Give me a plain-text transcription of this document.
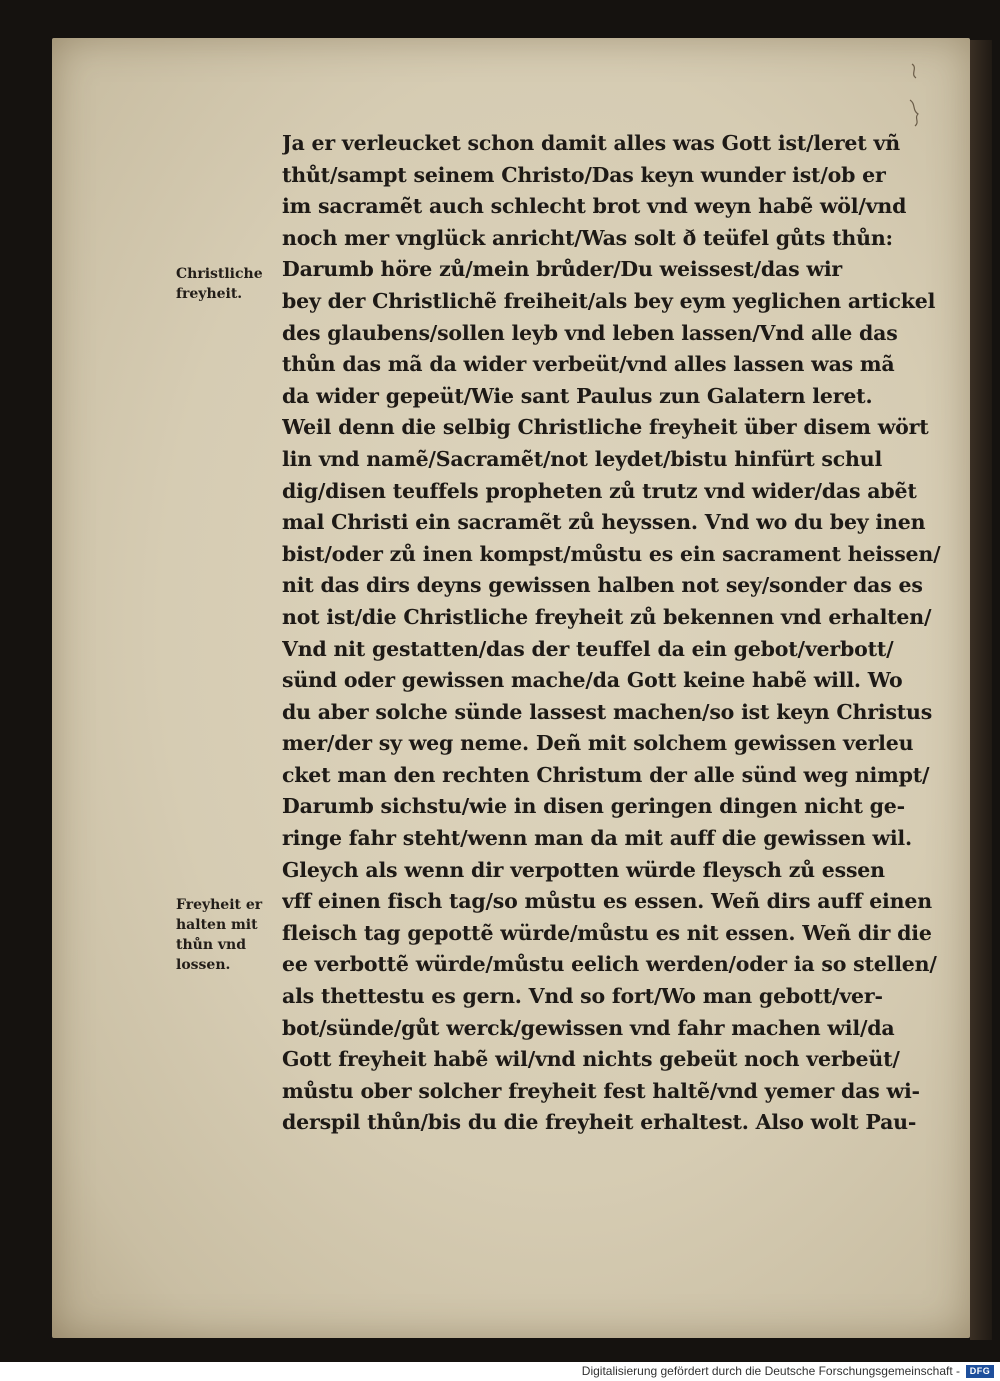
Christliche
freyheit.
Freyheit er
halten mit
thůn vnd
lossen.
Ja er verleucket schon damit alles was Gott ist/leret vñ
thůt/sampt seinem Christo/Das keyn wunder ist/ob er
im sacramẽt auch schlecht brot vnd weyn habẽ wöl/vnd
noch mer vnglück anricht/Was solt ð teüfel gůts thůn:
Darumb höre zů/mein brůder/Du weissest/das wir
bey der Christlichẽ freiheit/als bey eym yeglichen artickel
des glaubens/sollen leyb vnd leben lassen/Vnd alle das
thůn das mã da wider verbeüt/vnd alles lassen was mã
da wider gepeüt/Wie sant Paulus zun Galatern leret.
Weil denn die selbig Christliche freyheit über disem wört
lin vnd namẽ/Sacramẽt/not leydet/bistu hinfürt schul
dig/disen teuffels propheten zů trutz vnd wider/das abẽt
mal Christi ein sacramẽt zů heyssen. Vnd wo du bey inen
bist/oder zů inen kompst/můstu es ein sacrament heissen/
nit das dirs deyns gewissen halben not sey/sonder das es
not ist/die Christliche freyheit zů bekennen vnd erhalten/
Vnd nit gestatten/das der teuffel da ein gebot/verbott/
sünd oder gewissen mache/da Gott keine habẽ will. Wo
du aber solche sünde lassest machen/so ist keyn Christus
mer/der sy weg neme. Deñ mit solchem gewissen verleu
cket man den rechten Christum der alle sünd weg nimpt/
Darumb sichstu/wie in disen geringen dingen nicht ge-
ringe fahr steht/wenn man da mit auff die gewissen wil.
Gleych als wenn dir verpotten würde fleysch zů essen
vff einen fisch tag/so můstu es essen. Weñ dirs auff einen
fleisch tag gepottẽ würde/můstu es nit essen. Weñ dir die
ee verbottẽ würde/můstu eelich werden/oder ia so stellen/
als thettestu es gern. Vnd so fort/Wo man gebott/ver-
bot/sünde/gůt werck/gewissen vnd fahr machen wil/da
Gott freyheit habẽ wil/vnd nichts gebeüt noch verbeüt/
můstu ober solcher freyheit fest haltẽ/vnd yemer das wi-
derspil thůn/bis du die freyheit erhaltest. Also wolt Pau-
Digitalisierung gefördert durch die Deutsche Forschungsgemeinschaft -	DFG
